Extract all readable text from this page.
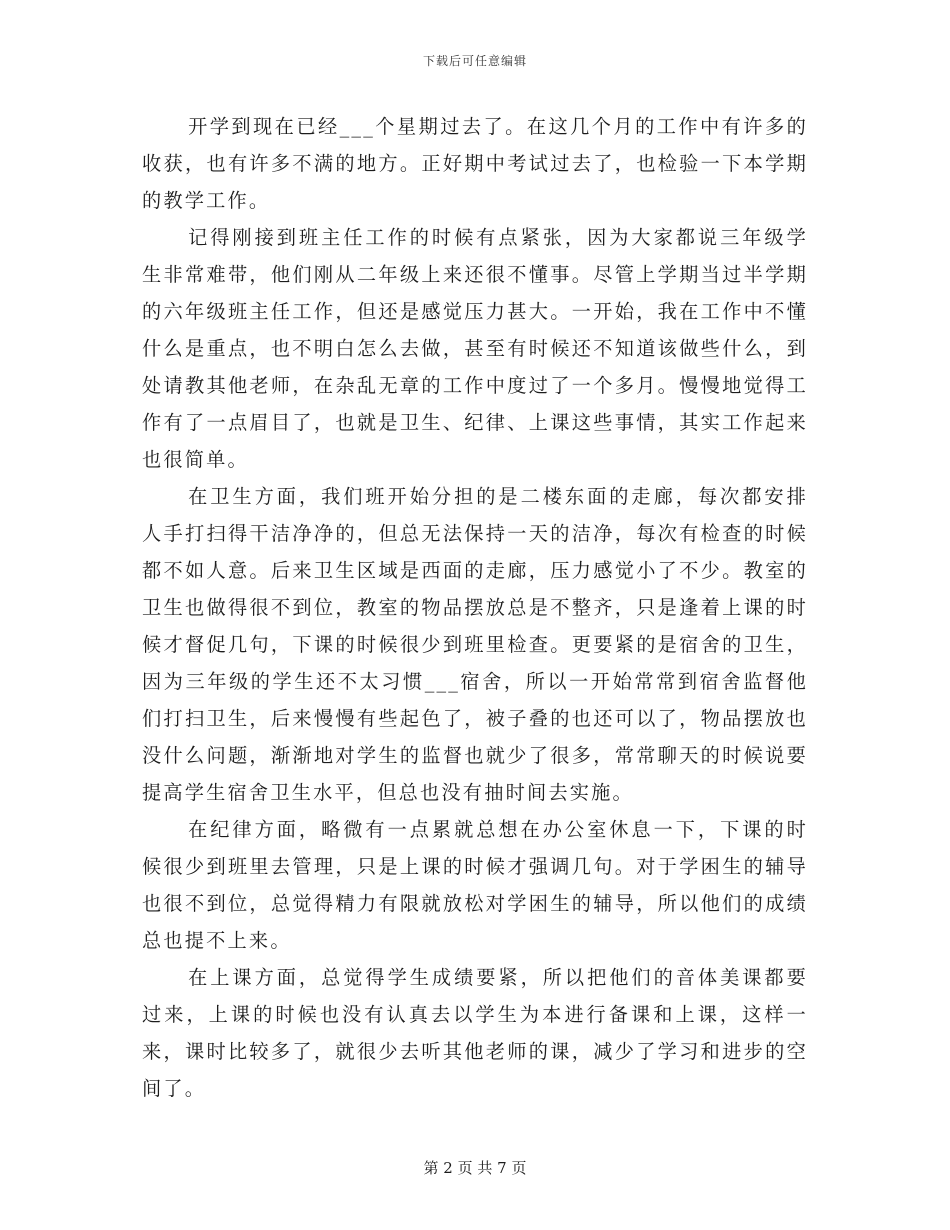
下载后可任意编辑

开学到现在已经___个星期过去了。在这几个月的工作中有许多的收获，也有许多不满的地方。正好期中考试过去了，也检验一下本学期的教学工作。

记得刚接到班主任工作的时候有点紧张，因为大家都说三年级学生非常难带，他们刚从二年级上来还很不懂事。尽管上学期当过半学期的六年级班主任工作，但还是感觉压力甚大。一开始，我在工作中不懂什么是重点，也不明白怎么去做，甚至有时候还不知道该做些什么，到处请教其他老师，在杂乱无章的工作中度过了一个多月。慢慢地觉得工作有了一点眉目了，也就是卫生、纪律、上课这些事情，其实工作起来也很简单。

在卫生方面，我们班开始分担的是二楼东面的走廊，每次都安排人手打扫得干洁净净的，但总无法保持一天的洁净，每次有检查的时候都不如人意。后来卫生区域是西面的走廊，压力感觉小了不少。教室的卫生也做得很不到位，教室的物品摆放总是不整齐，只是逢着上课的时候才督促几句，下课的时候很少到班里检查。更要紧的是宿舍的卫生，因为三年级的学生还不太习惯___宿舍，所以一开始常常到宿舍监督他们打扫卫生，后来慢慢有些起色了，被子叠的也还可以了，物品摆放也没什么问题，渐渐地对学生的监督也就少了很多，常常聊天的时候说要提高学生宿舍卫生水平，但总也没有抽时间去实施。

在纪律方面，略微有一点累就总想在办公室休息一下，下课的时候很少到班里去管理，只是上课的时候才强调几句。对于学困生的辅导也很不到位，总觉得精力有限就放松对学困生的辅导，所以他们的成绩总也提不上来。

在上课方面，总觉得学生成绩要紧，所以把他们的音体美课都要过来，上课的时候也没有认真去以学生为本进行备课和上课，这样一来，课时比较多了，就很少去听其他老师的课，减少了学习和进步的空间了。

第 2 页 共 7 页
